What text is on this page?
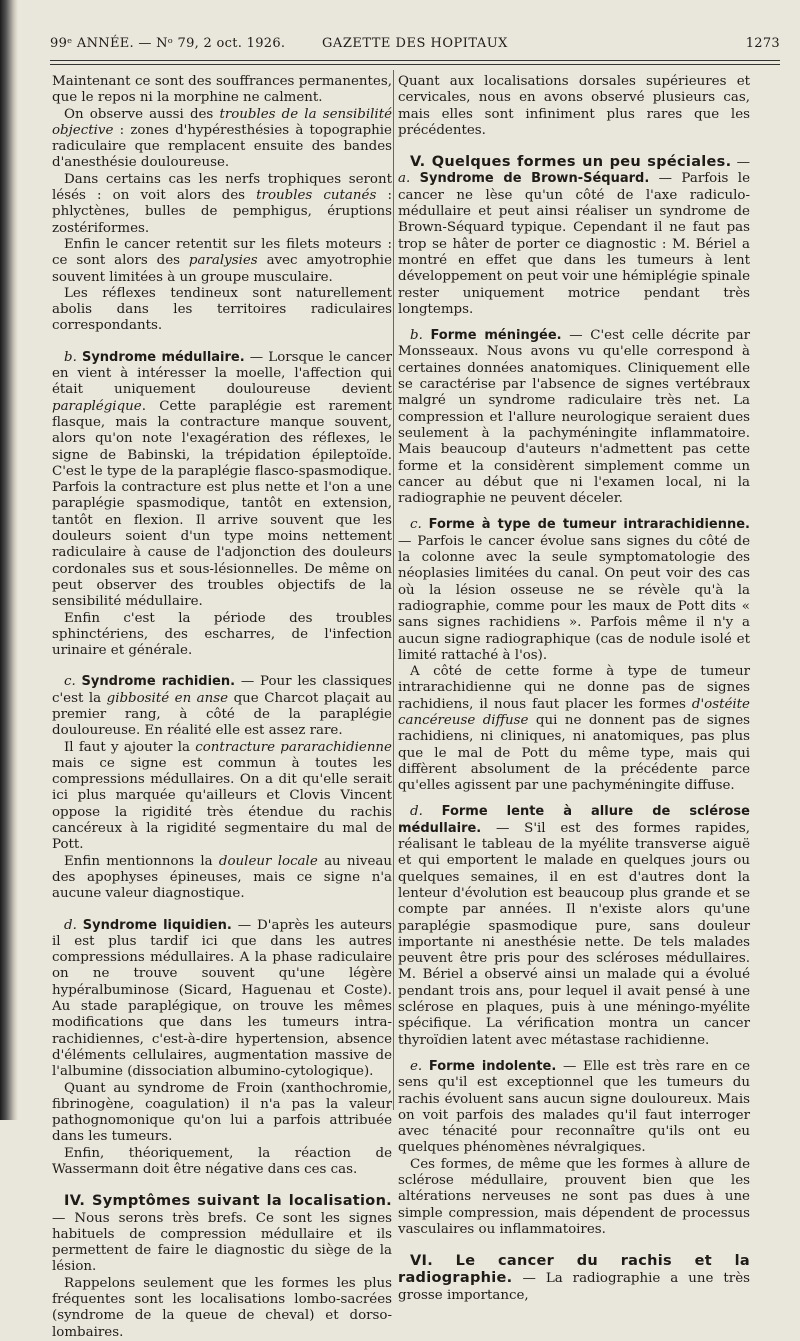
99ᵉ ANNÉE. — Nᵒ 79, 2 oct. 1926.	GAZETTE DES HOPITAUX	1273

Maintenant ce sont des souffrances permanentes, que le repos ni la morphine ne calment.

On observe aussi des troubles de la sensibilité objective : zones d'hypéresthésies à topographie radiculaire que remplacent ensuite des bandes d'anesthésie douloureuse.

Dans certains cas les nerfs trophiques seront lésés : on voit alors des troubles cutanés : phlyctènes, bulles de pemphigus, éruptions zostériformes.

Enfin le cancer retentit sur les filets moteurs : ce sont alors des paralysies avec amyotrophie souvent limitées à un groupe musculaire.

Les réflexes tendineux sont naturellement abolis dans les territoires radiculaires correspondants.

b. Syndrome médullaire. — Lorsque le cancer en vient à intéresser la moelle, l'affection qui était uniquement douloureuse devient paraplégique. Cette paraplégie est rarement flasque, mais la contracture manque souvent, alors qu'on note l'exagération des réflexes, le signe de Babinski, la trépidation épileptoïde. C'est le type de la paraplégie flasco-spasmodique. Parfois la contracture est plus nette et l'on a une paraplégie spasmodique, tantôt en extension, tantôt en flexion. Il arrive souvent que les douleurs soient d'un type moins nettement radiculaire à cause de l'adjonction des douleurs cordonales sus et sous-lésionnelles. De même on peut observer des troubles objectifs de la sensibilité médullaire.

Enfin c'est la période des troubles sphinctériens, des escharres, de l'infection urinaire et générale.

c. Syndrome rachidien. — Pour les classiques c'est la gibbosité en anse que Charcot plaçait au premier rang, à côté de la paraplégie douloureuse. En réalité elle est assez rare.

Il faut y ajouter la contracture pararachidienne mais ce signe est commun à toutes les compressions médullaires. On a dit qu'elle serait ici plus marquée qu'ailleurs et Clovis Vincent oppose la rigidité très étendue du rachis cancéreux à la rigidité segmentaire du mal de Pott.

Enfin mentionnons la douleur locale au niveau des apophyses épineuses, mais ce signe n'a aucune valeur diagnostique.

d. Syndrome liquidien. — D'après les auteurs il est plus tardif ici que dans les autres compressions médullaires. A la phase radiculaire on ne trouve souvent qu'une légère hypéralbuminose (Sicard, Haguenau et Coste). Au stade paraplégique, on trouve les mêmes modifications que dans les tumeurs intra-rachidiennes, c'est-à-dire hypertension, absence d'éléments cellulaires, augmentation massive de l'albumine (dissociation albumino-cytologique).

Quant au syndrome de Froin (xanthochromie, fibrinogène, coagulation) il n'a pas la valeur pathognomonique qu'on lui a parfois attribuée dans les tumeurs.

Enfin, théoriquement, la réaction de Wassermann doit être négative dans ces cas.

IV. Symptômes suivant la localisation. — Nous serons très brefs. Ce sont les signes habituels de compression médullaire et ils permettent de faire le diagnostic du siège de la lésion.

Rappelons seulement que les formes les plus fréquentes sont les localisations lombo-sacrées (syndrome de la queue de cheval) et dorso-lombaires.

Quant aux localisations dorsales supérieures et cervicales, nous en avons observé plusieurs cas, mais elles sont infiniment plus rares que les précédentes.

V. Quelques formes un peu spéciales. — a. Syndrome de Brown-Séquard. — Parfois le cancer ne lèse qu'un côté de l'axe radiculo-médullaire et peut ainsi réaliser un syndrome de Brown-Séquard typique. Cependant il ne faut pas trop se hâter de porter ce diagnostic : M. Bériel a montré en effet que dans les tumeurs à lent développement on peut voir une hémiplégie spinale rester uniquement motrice pendant très longtemps.

b. Forme méningée. — C'est celle décrite par Monsseaux. Nous avons vu qu'elle correspond à certaines données anatomiques. Cliniquement elle se caractérise par l'absence de signes vertébraux malgré un syndrome radiculaire très net. La compression et l'allure neurologique seraient dues seulement à la pachyméningite inflammatoire. Mais beaucoup d'auteurs n'admettent pas cette forme et la considèrent simplement comme un cancer au début que ni l'examen local, ni la radiographie ne peuvent déceler.

c. Forme à type de tumeur intrarachidienne. — Parfois le cancer évolue sans signes du côté de la colonne avec la seule symptomatologie des néoplasies limitées du canal. On peut voir des cas où la lésion osseuse ne se révèle qu'à la radiographie, comme pour les maux de Pott dits « sans signes rachidiens ». Parfois même il n'y a aucun signe radiographique (cas de nodule isolé et limité rattaché à l'os).

A côté de cette forme à type de tumeur intrarachidienne qui ne donne pas de signes rachidiens, il nous faut placer les formes d'ostéite cancéreuse diffuse qui ne donnent pas de signes rachidiens, ni cliniques, ni anatomiques, pas plus que le mal de Pott du même type, mais qui diffèrent absolument de la précédente parce qu'elles agissent par une pachyméningite diffuse.

d. Forme lente à allure de sclérose médullaire. — S'il est des formes rapides, réalisant le tableau de la myélite transverse aiguë et qui emportent le malade en quelques jours ou quelques semaines, il en est d'autres dont la lenteur d'évolution est beaucoup plus grande et se compte par années. Il n'existe alors qu'une paraplégie spasmodique pure, sans douleur importante ni anesthésie nette. De tels malades peuvent être pris pour des scléroses médullaires. M. Bériel a observé ainsi un malade qui a évolué pendant trois ans, pour lequel il avait pensé à une sclérose en plaques, puis à une méningo-myélite spécifique. La vérification montra un cancer thyroïdien latent avec métastase rachidienne.

e. Forme indolente. — Elle est très rare en ce sens qu'il est exceptionnel que les tumeurs du rachis évoluent sans aucun signe douloureux. Mais on voit parfois des malades qu'il faut interroger avec ténacité pour reconnaître qu'ils ont eu quelques phénomènes névralgiques.

Ces formes, de même que les formes à allure de sclérose médullaire, prouvent bien que les altérations nerveuses ne sont pas dues à une simple compression, mais dépendent de processus vasculaires ou inflammatoires.

VI. Le cancer du rachis et la radiographie. — La radiographie a une très grosse importance,
